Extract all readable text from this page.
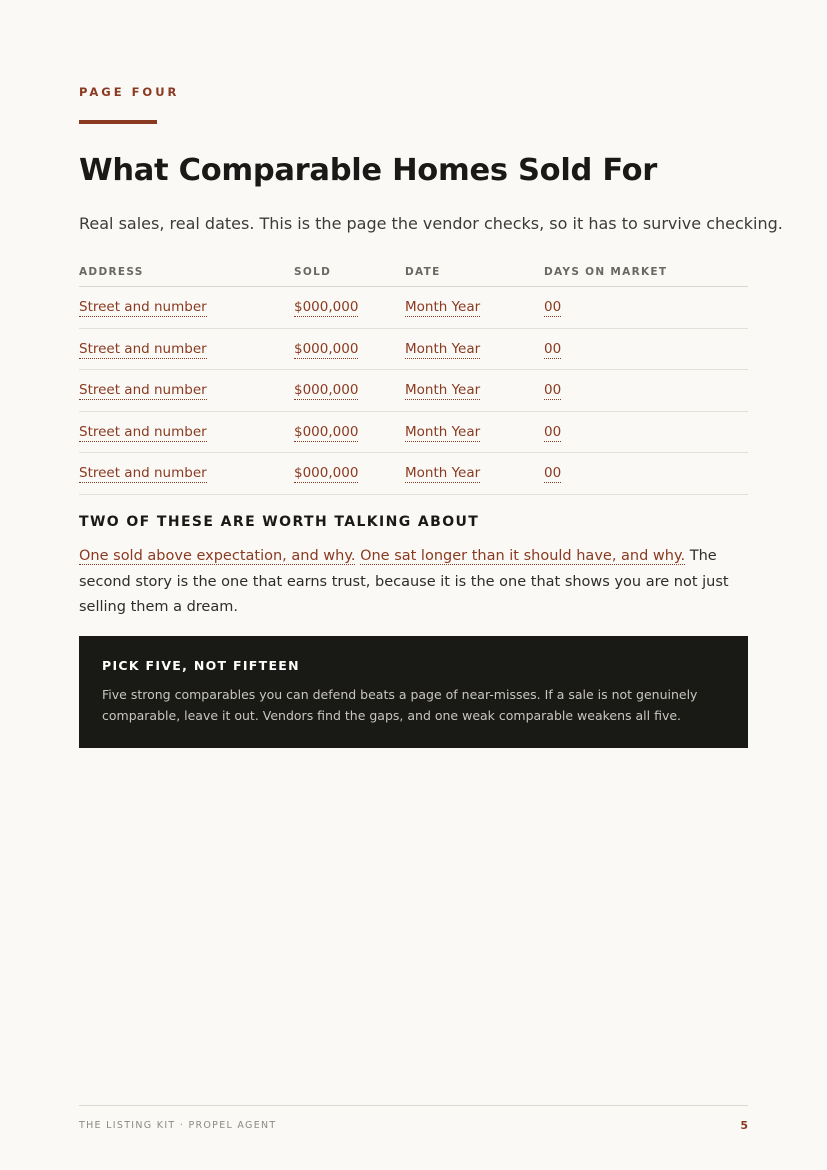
PAGE FOUR
What Comparable Homes Sold For
Real sales, real dates. This is the page the vendor checks, so it has to survive checking.
ADDRESS	SOLD	DATE	DAYS ON MARKET
Street and number	$000,000	Month Year	00
Street and number	$000,000	Month Year	00
Street and number	$000,000	Month Year	00
Street and number	$000,000	Month Year	00
Street and number	$000,000	Month Year	00
TWO OF THESE ARE WORTH TALKING ABOUT

One sold above expectation, and why. One sat longer than it should have, and why. The second story is the one that earns trust, because it is the one that shows you are not just selling them a dream.

PICK FIVE, NOT FIFTEEN

Five strong comparables you can defend beats a page of near-misses. If a sale is not genuinely comparable, leave it out. Vendors find the gaps, and one weak comparable weakens all five.

THE LISTING KIT · PROPEL AGENT	5
